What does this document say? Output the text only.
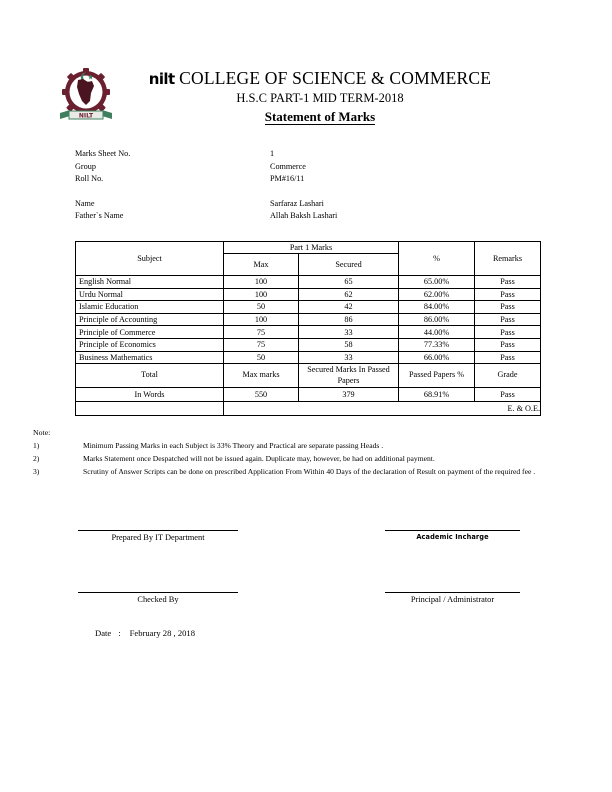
NILT
nilt COLLEGE OF SCIENCE & COMMERCE
H.S.C PART-1 MID TERM-2018
Statement of Marks
Marks Sheet No.	1
Group	Commerce
Roll No.	PM#16/11
Name	Sarfaraz Lashari
Father`s Name	Allah Baksh Lashari
Subject	Part 1 Marks		%	Remarks
	Max	Secured		
English Normal	100	65	65.00%	Pass
Urdu Normal	100	62	62.00%	Pass
Islamic Education	50	42	84.00%	Pass
Principle of Accounting	100	86	86.00%	Pass
Principle of Commerce	75	33	44.00%	Pass
Principle of Economics	75	58	77.33%	Pass
Business Mathematics	50	33	66.00%	Pass
Total	Max marks	Secured Marks In Passed Papers	Passed Papers %	Grade
In Words	550	379	68.91%	Pass

E. & O.E.
Note:
1)	Minimum Passing Marks in each Subject is 33% Theory and Practical are separate passing Heads .
2)	Marks Statement once Despatched will not be issued again. Duplicate may, however, be had on additional payment.
3)	Scrutiny of Answer Scripts can be done on prescribed Application From Within 40 Days of the declaration of Result on payment of the required fee .
Prepared By IT Department	Academic Incharge
Checked By	Principal / Administrator
Date : February 28 , 2018
